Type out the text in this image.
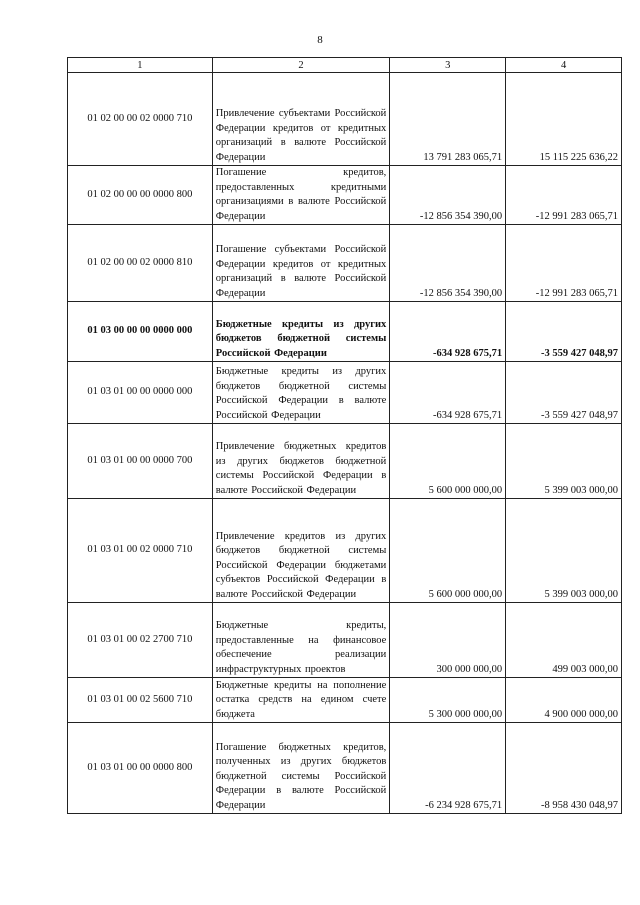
8
1	2	3	4
01 02 00 00 02 0000 710	Привлечение субъектами Российской Федерации кредитов от кредитных организаций в валюте Российской Федерации	13 791 283 065,71	15 115 225 636,22
01 02 00 00 00 0000 800	Погашение кредитов, предоставленных кредитными организациями в валюте Российской Федерации	-12 856 354 390,00	-12 991 283 065,71
01 02 00 00 02 0000 810	Погашение субъектами Российской Федерации кредитов от кредитных организаций в валюте Российской Федерации	-12 856 354 390,00	-12 991 283 065,71
01 03 00 00 00 0000 000	Бюджетные кредиты из других бюджетов бюджетной системы Российской Федерации	-634 928 675,71	-3 559 427 048,97
01 03 01 00 00 0000 000	Бюджетные кредиты из других бюджетов бюджетной системы Российской Федерации в валюте Российской Федерации	-634 928 675,71	-3 559 427 048,97
01 03 01 00 00 0000 700	Привлечение бюджетных кредитов из других бюджетов бюджетной системы Российской Федерации в валюте Российской Федерации	5 600 000 000,00	5 399 003 000,00
01 03 01 00 02 0000 710	Привлечение кредитов из других бюджетов бюджетной системы Российской Федерации бюджетами субъектов Российской Федерации в валюте Российской Федерации	5 600 000 000,00	5 399 003 000,00
01 03 01 00 02 2700 710	Бюджетные кредиты, предоставленные на финансовое обеспечение реализации инфраструктурных проектов	300 000 000,00	499 003 000,00
01 03 01 00 02 5600 710	Бюджетные кредиты на пополнение остатка средств на едином счете бюджета	5 300 000 000,00	4 900 000 000,00
01 03 01 00 00 0000 800	Погашение бюджетных кредитов, полученных из других бюджетов бюджетной системы Российской Федерации в валюте Российской Федерации	-6 234 928 675,71	-8 958 430 048,97
